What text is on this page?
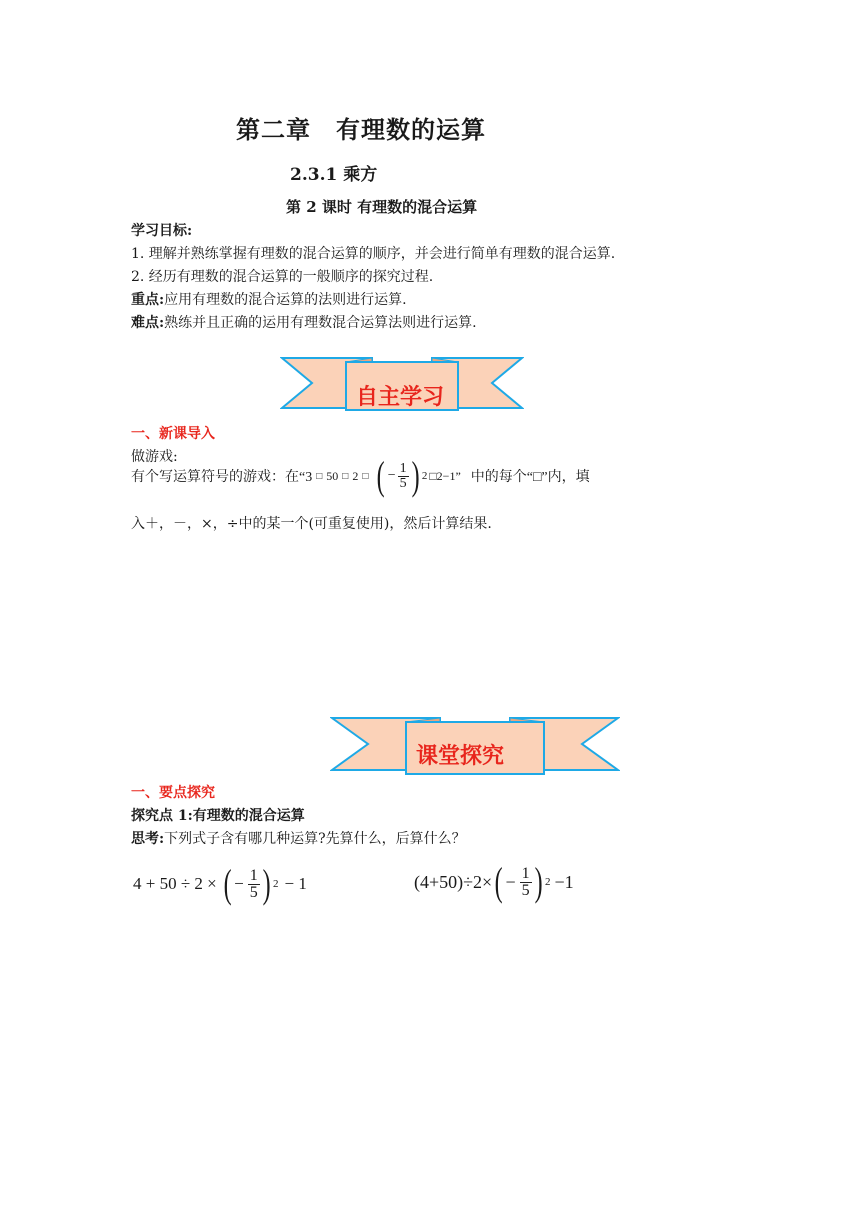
第二章　有理数的运算
2.3.1 乘方
第 2 课时 有理数的混合运算
学习目标:
1. 理解并熟练掌握有理数的混合运算的顺序，并会进行简单有理数的混合运算.
2. 经历有理数的混合运算的一般顺序的探究过程.
重点:应用有理数的混合运算的法则进行运算.
难点:熟练并且正确的运用有理数混合运算法则进行运算.
自主学习
一、新课导入
做游戏:
有个写运算符号的游戏：在“3 □ 50 □ 2 □ ( − $\frac{1}{5}$ ) 2 □2−1” 中的每个“□”内，填
入＋，－，×，÷中的某一个(可重复使用)，然后计算结果.
课堂探究
一、要点探究
探究点 1:有理数的混合运算
思考:下列式子含有哪几种运算?先算什么，后算什么？
4 + 50 ÷ 2 × ( − $\frac{1}{5}$ ) 2 − 1	(4+50)÷2× ( − $\frac{1}{5}$ ) 2 −1
